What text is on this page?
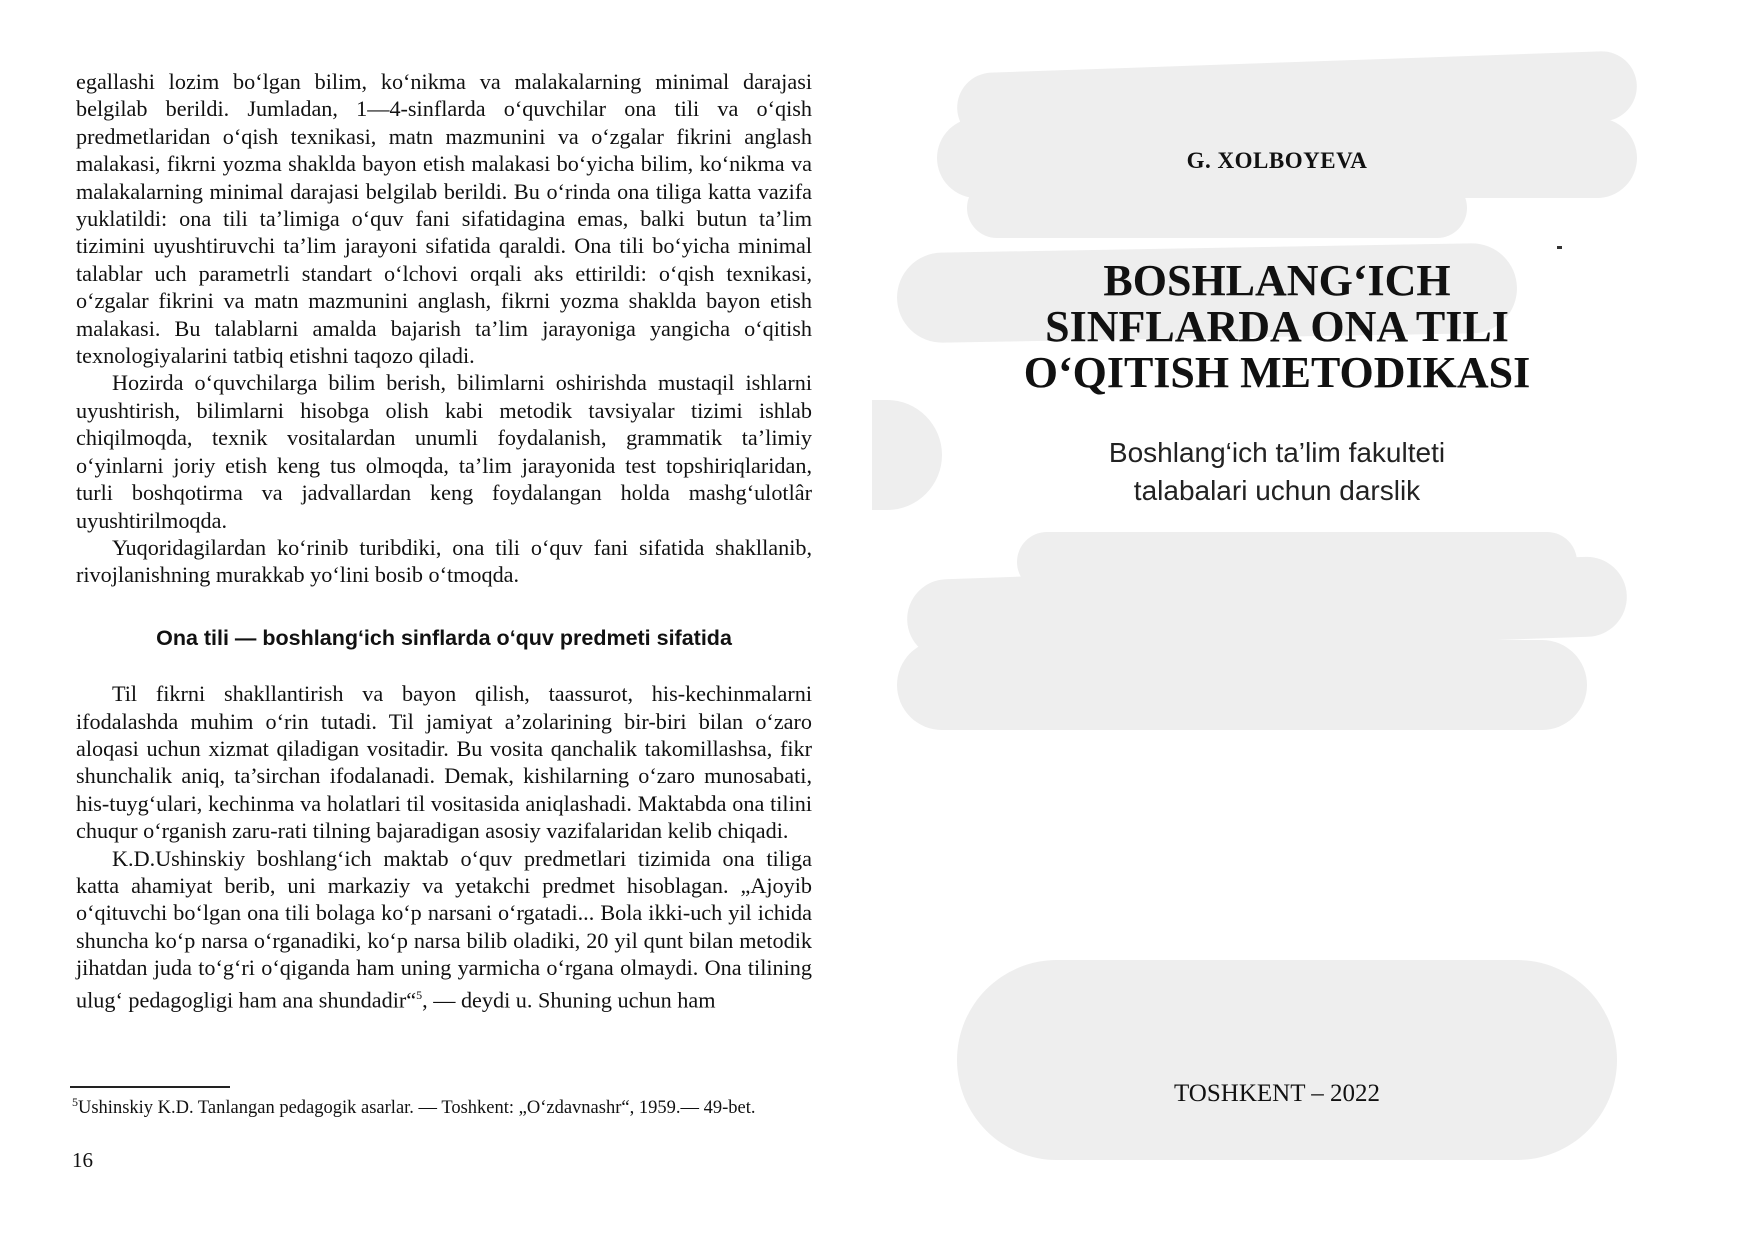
egallashi lozim bo‘lgan bilim, ko‘nikma va malakalarning minimal darajasi belgilab berildi. Jumladan, 1—4-sinflarda o‘quvchilar ona tili va o‘qish predmetlaridan o‘qish texnikasi, matn mazmunini va o‘zgalar fikrini anglash malakasi, fikrni yozma shaklda bayon etish malakasi bo‘yicha bilim, ko‘nikma va malakalarning minimal darajasi belgilab berildi. Bu o‘rinda ona tiliga katta vazifa yuklatildi: ona tili ta’limiga o‘quv fani sifatidagina emas, balki butun ta’lim tizimini uyushtiruvchi ta’lim jarayoni sifatida qaraldi. Ona tili bo‘yicha minimal talablar uch parametrli standart o‘lchovi orqali aks ettirildi: o‘qish texnikasi, o‘zgalar fikrini va matn mazmunini anglash, fikrni yozma shaklda bayon etish malakasi. Bu talablarni amalda bajarish ta’lim jarayoniga yangicha o‘qitish texnologiyalarini tatbiq etishni taqozo qiladi.

Hozirda o‘quvchilarga bilim berish, bilimlarni oshirishda mustaqil ishlarni uyushtirish, bilimlarni hisobga olish kabi metodik tavsiyalar tizimi ishlab chiqilmoqda, texnik vositalardan unumli foydalanish, grammatik ta’limiy o‘yinlarni joriy etish keng tus olmoqda, ta’lim jarayonida test topshiriqlaridan, turli boshqotirma va jadvallardan keng foydalangan holda mashg‘ulotlâr uyushtirilmoqda.

Yuqoridagilardan ko‘rinib turibdiki, ona tili o‘quv fani sifatida shakllanib, rivojlanishning murakkab yo‘lini bosib o‘tmoqda.

Ona tili — boshlang‘ich sinflarda o‘quv predmeti sifatida

Til fikrni shakllantirish va bayon qilish, taassurot, his-kechinmalarni ifodalashda muhim o‘rin tutadi. Til jamiyat a’zolarining bir-biri bilan o‘zaro aloqasi uchun xizmat qiladigan vositadir. Bu vosita qanchalik takomillashsa, fikr shunchalik aniq, ta’sirchan ifodalanadi. Demak, kishilarning o‘zaro munosabati, his-tuyg‘ulari, kechinma va holatlari til vositasida aniqlashadi. Maktabda ona tilini chuqur o‘rganish zaru-rati tilning bajaradigan asosiy vazifalaridan kelib chiqadi.

K.D.Ushinskiy boshlang‘ich maktab o‘quv predmetlari tizimida ona tiliga katta ahamiyat berib, uni markaziy va yetakchi predmet hisoblagan. „Ajoyib o‘qituvchi bo‘lgan ona tili bolaga ko‘p narsani o‘rgatadi... Bola ikki-uch yil ichida shuncha ko‘p narsa o‘rganadiki, ko‘p narsa bilib oladiki, 20 yil qunt bilan metodik jihatdan juda to‘g‘ri o‘qiganda ham uning yarmicha o‘rgana olmaydi. Ona tilining ulug‘ pedagogligi ham ana shundadir“$^5$, — deydi u. Shuning uchun ham

$^5$Ushinskiy K.D. Tanlangan pedagogik asarlar. — Toshkent: „O‘zdavnashr“, 1959.— 49-bet.
16
G. XOLBOYEVA
BOSHLANG‘ICH
SINFLARDA ONA TILI
O‘QITISH METODIKASI
Boshlang‘ich ta’lim fakulteti
talabalari uchun darslik
TOSHKENT – 2022
